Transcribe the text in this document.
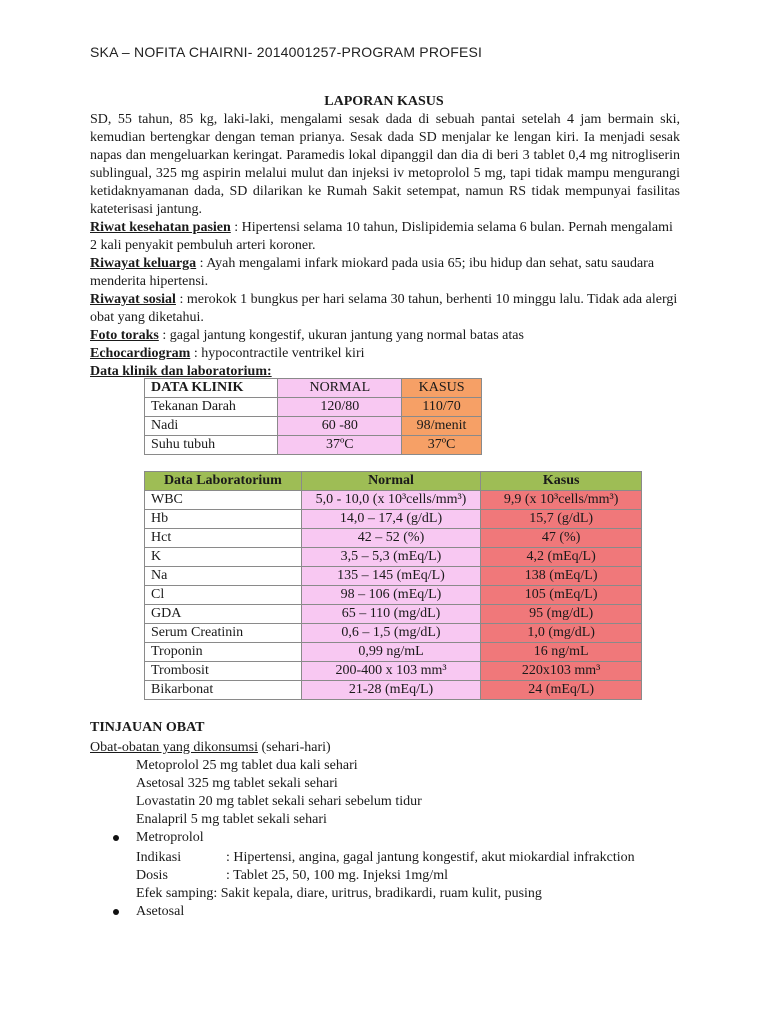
SKA – NOFITA CHAIRNI- 2014001257-PROGRAM PROFESI
LAPORAN KASUS
SD, 55 tahun, 85 kg, laki-laki, mengalami sesak dada di sebuah pantai setelah 4 jam bermain ski, kemudian bertengkar dengan teman prianya. Sesak dada SD menjalar ke lengan kiri. Ia menjadi sesak napas dan mengeluarkan keringat. Paramedis lokal dipanggil dan dia di beri 3 tablet 0,4 mg nitrogliserin sublingual, 325 mg aspirin melalui mulut dan injeksi iv metoprolol 5 mg, tapi tidak mampu mengurangi ketidaknyamanan dada, SD dilarikan ke Rumah Sakit setempat, namun RS tidak mempunyai fasilitas kateterisasi jantung.
Riwat kesehatan pasien : Hipertensi selama 10 tahun, Dislipidemia selama 6 bulan. Pernah mengalami 2 kali penyakit pembuluh arteri koroner.
Riwayat keluarga : Ayah mengalami infark miokard pada usia 65; ibu hidup dan sehat, satu saudara menderita hipertensi.
Riwayat sosial : merokok 1 bungkus per hari selama 30 tahun, berhenti 10 minggu lalu. Tidak ada alergi obat yang diketahui.
Foto toraks : gagal jantung kongestif, ukuran jantung yang normal batas atas
Echocardiogram : hypocontractile ventrikel kiri
Data klinik dan laboratorium:
DATA KLINIK	NORMAL	KASUS
Tekanan Darah	120/80	110/70
Nadi	60 -80	98/menit
Suhu tubuh	37ºC	37ºC
Data Laboratorium	Normal	Kasus
WBC	5,0 - 10,0 (x 10³cells/mm³)	9,9 (x 10³cells/mm³)
Hb	14,0 – 17,4 (g/dL)	15,7 (g/dL)
Hct	42 – 52 (%)	47 (%)
K	3,5 – 5,3 (mEq/L)	4,2 (mEq/L)
Na	135 – 145 (mEq/L)	138 (mEq/L)
Cl	98 – 106 (mEq/L)	105 (mEq/L)
GDA	65 – 110 (mg/dL)	95 (mg/dL)
Serum Creatinin	0,6 – 1,5 (mg/dL)	1,0 (mg/dL)
Troponin	0,99 ng/mL	16 ng/mL
Trombosit	200-400 x 103 mm³	220x103 mm³
Bikarbonat	21-28 (mEq/L)	24 (mEq/L)
TINJAUAN OBAT
Obat-obatan yang dikonsumsi (sehari-hari)
Metoprolol 25 mg tablet dua kali sehari
Asetosal 325 mg tablet sekali sehari
Lovastatin 20 mg tablet sekali sehari sebelum tidur
Enalapril 5 mg tablet sekali sehari
Metroprolol
Indikasi	: Hipertensi, angina, gagal jantung kongestif, akut miokardial infrakction
Dosis	: Tablet 25, 50, 100 mg. Injeksi 1mg/ml
Efek samping: Sakit kepala, diare, uritrus, bradikardi, ruam kulit, pusing
Asetosal
